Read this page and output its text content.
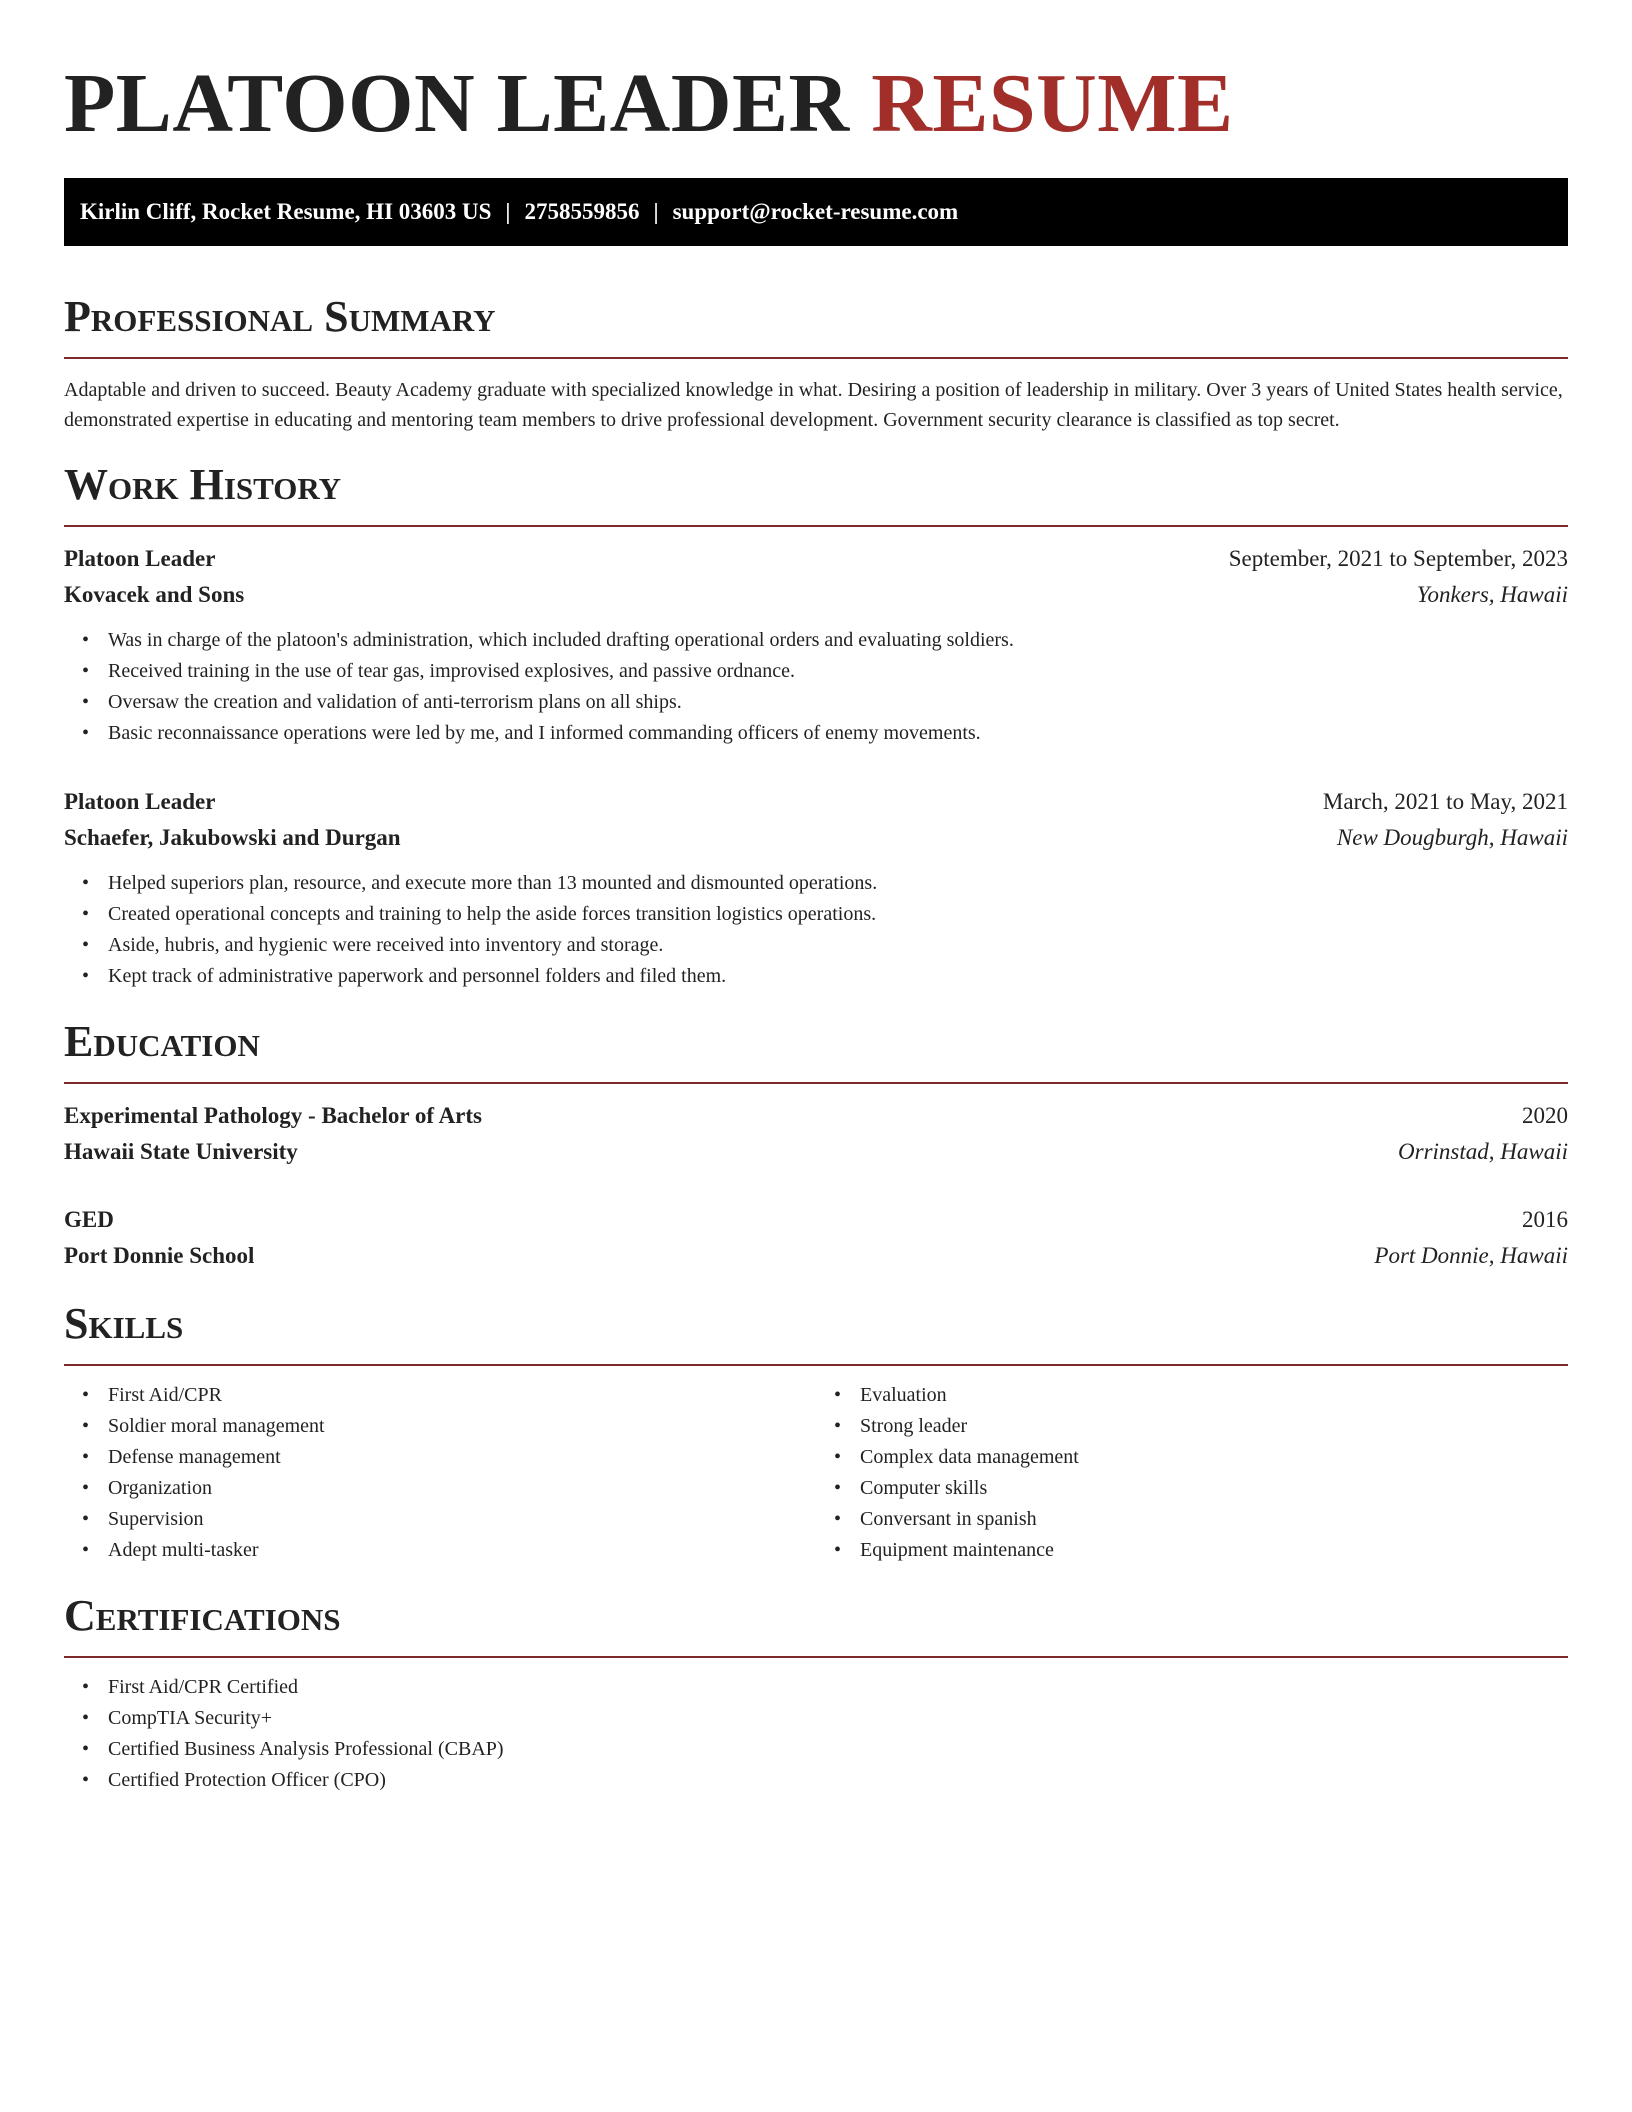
PLATOON LEADER RESUME
Kirlin Cliff, Rocket Resume, HI 03603 US | 2758559856 | support@rocket-resume.com
Professional Summary

Adaptable and driven to succeed. Beauty Academy graduate with specialized knowledge in what. Desiring a position of leadership in military. Over 3 years of United States health service, demonstrated expertise in educating and mentoring team members to drive professional development. Government security clearance is classified as top secret.

Work History
Platoon Leader	September, 2021 to September, 2023
Kovacek and Sons	Yonkers, Hawaii
• Was in charge of the platoon's administration, which included drafting operational orders and evaluating soldiers.
• Received training in the use of tear gas, improvised explosives, and passive ordnance.
• Oversaw the creation and validation of anti-terrorism plans on all ships.
• Basic reconnaissance operations were led by me, and I informed commanding officers of enemy movements.
Platoon Leader	March, 2021 to May, 2021
Schaefer, Jakubowski and Durgan	New Dougburgh, Hawaii
• Helped superiors plan, resource, and execute more than 13 mounted and dismounted operations.
• Created operational concepts and training to help the aside forces transition logistics operations.
• Aside, hubris, and hygienic were received into inventory and storage.
• Kept track of administrative paperwork and personnel folders and filed them.
Education
Experimental Pathology - Bachelor of Arts	2020
Hawaii State University	Orrinstad, Hawaii
GED	2016
Port Donnie School	Port Donnie, Hawaii
Skills
• First Aid/CPR
• Soldier moral management
• Defense management
• Organization
• Supervision
• Adept multi-tasker
• Evaluation
• Strong leader
• Complex data management
• Computer skills
• Conversant in spanish
• Equipment maintenance
Certifications
• First Aid/CPR Certified
• CompTIA Security+
• Certified Business Analysis Professional (CBAP)
• Certified Protection Officer (CPO)
